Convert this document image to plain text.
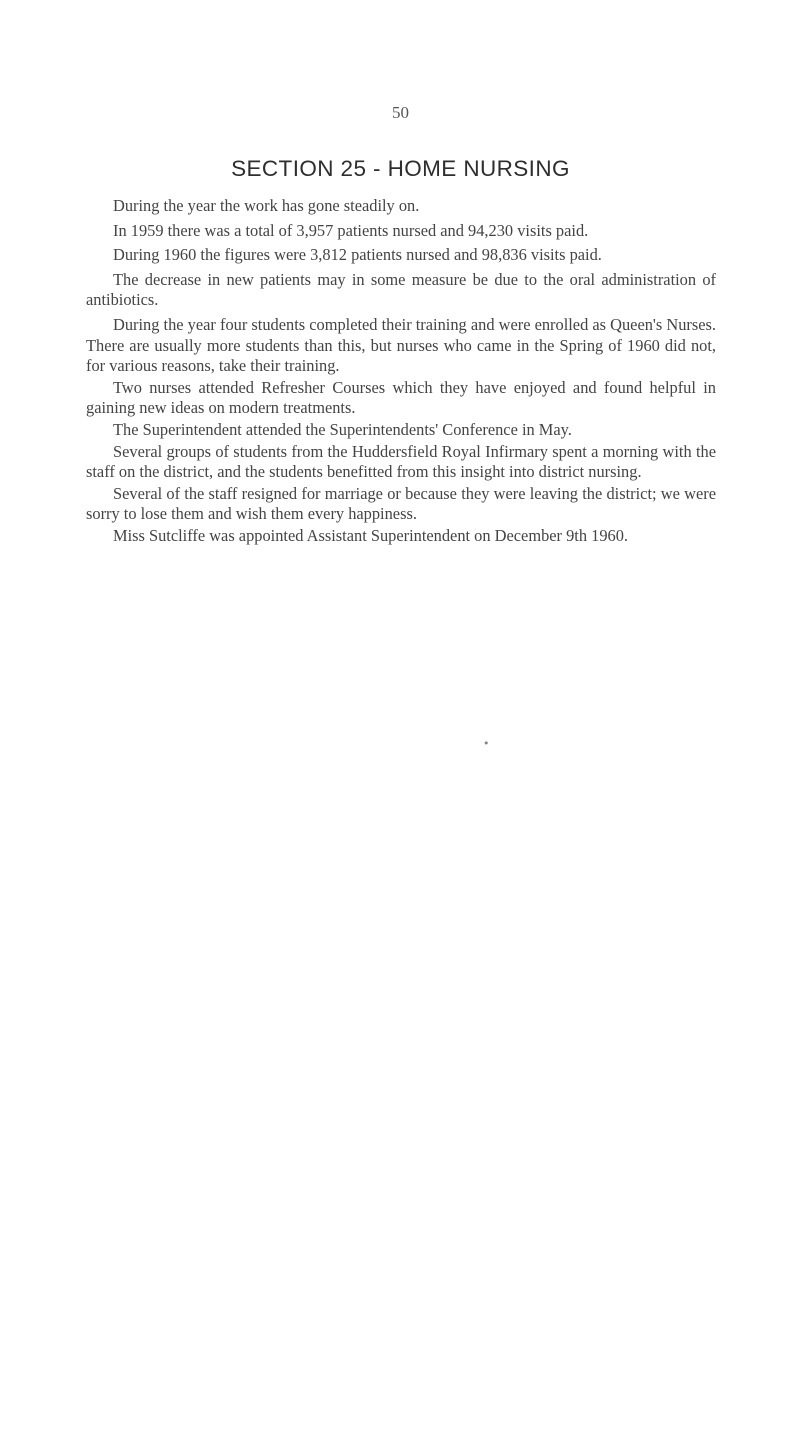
50
SECTION 25 - HOME NURSING

During the year the work has gone steadily on.

In 1959 there was a total of 3,957 patients nursed and 94,230 visits paid.

During 1960 the figures were 3,812 patients nursed and 98,836 visits paid.

The decrease in new patients may in some measure be due to the oral administration of antibiotics.

During the year four students completed their training and were enrolled as Queen's Nurses. There are usually more students than this, but nurses who came in the Spring of 1960 did not, for various reasons, take their training.

Two nurses attended Refresher Courses which they have enjoyed and found helpful in gaining new ideas on modern treatments.

The Superintendent attended the Superintendents' Conference in May.

Several groups of students from the Huddersfield Royal Infirmary spent a morning with the staff on the district, and the students benefitted from this insight into district nursing.

Several of the staff resigned for marriage or because they were leaving the district; we were sorry to lose them and wish them every happiness.

Miss Sutcliffe was appointed Assistant Superintendent on December 9th 1960.

•
